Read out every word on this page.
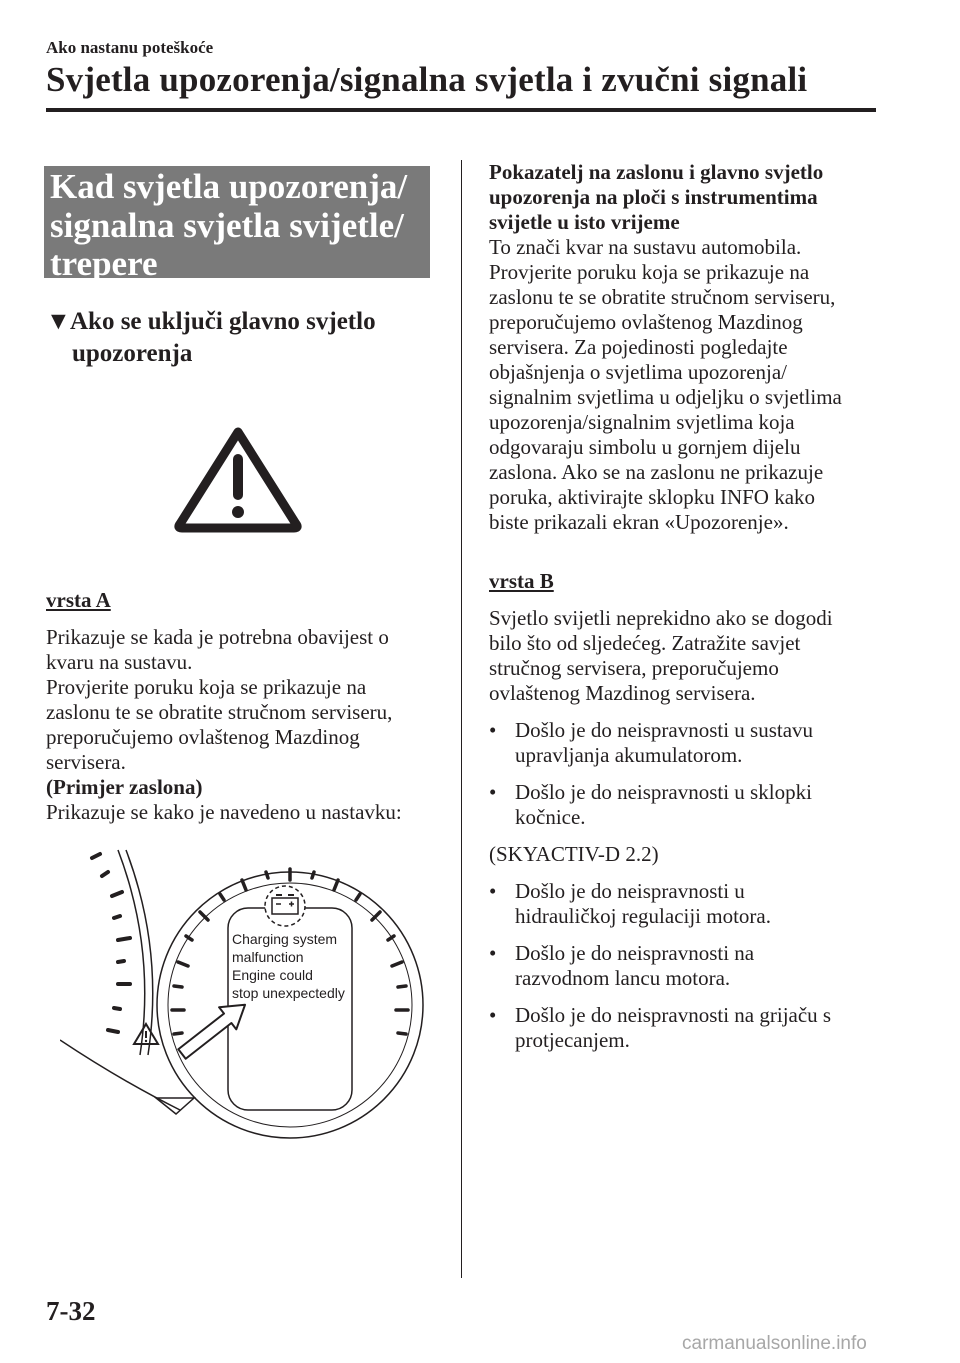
Ako nastanu poteškoće
Svjetla upozorenja/signalna svjetla i zvučni signali
Kad svjetla upozorenja/
signalna svjetla svijetle/
trepere
▼Ako se uključi glavno svjetlo
upozorenja
vrsta A
Prikazuje se kada je potrebna obavijest o
kvaru na sustavu.
Provjerite poruku koja se prikazuje na
zaslonu te se obratite stručnom serviseru,
preporučujemo ovlaštenog Mazdinog
servisera.
(Primjer zaslona)
Prikazuje se kako je navedeno u nastavku:
Charging system
malfunction
Engine could
stop unexpectedly
Pokazatelj na zaslonu i glavno svjetlo
upozorenja na ploči s instrumentima
svijetle u isto vrijeme
To znači kvar na sustavu automobila.
Provjerite poruku koja se prikazuje na
zaslonu te se obratite stručnom serviseru,
preporučujemo ovlaštenog Mazdinog
servisera. Za pojedinosti pogledajte
objašnjenja o svjetlima upozorenja/
signalnim svjetlima u odjeljku o svjetlima
upozorenja/signalnim svjetlima koja
odgovaraju simbolu u gornjem dijelu
zaslona. Ako se na zaslonu ne prikazuje
poruka, aktivirajte sklopku INFO kako
biste prikazali ekran «Upozorenje».
vrsta B
Svjetlo svijetli neprekidno ako se dogodi
bilo što od sljedećeg. Zatražite savjet
stručnog servisera, preporučujemo
ovlaštenog Mazdinog servisera.
• Došlo je do neispravnosti u sustavu
upravljanja akumulatorom.
• Došlo je do neispravnosti u sklopki
kočnice.
(SKYACTIV-D 2.2)
• Došlo je do neispravnosti u
hidrauličkoj regulaciji motora.
• Došlo je do neispravnosti na
razvodnom lancu motora.
• Došlo je do neispravnosti na grijaču s
protjecanjem.
7-32
carmanualsonline.info
